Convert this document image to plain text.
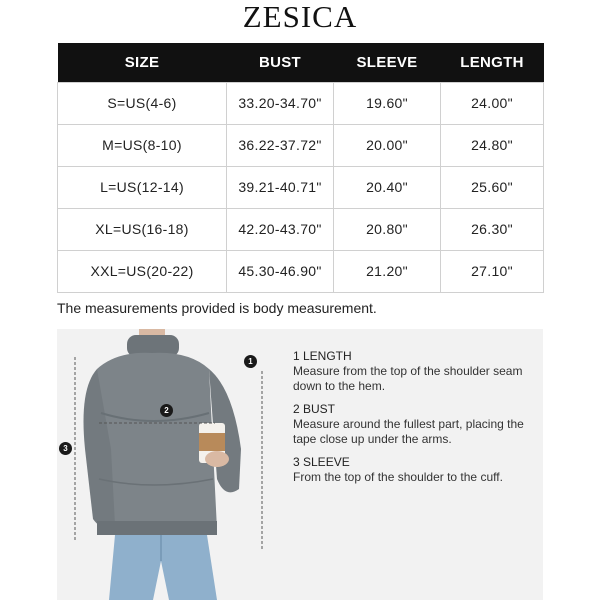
ZESICA
SIZE	BUST	SLEEVE	LENGTH
S=US(4-6)	33.20-34.70"	19.60"	24.00"
M=US(8-10)	36.22-37.72"	20.00"	24.80"
L=US(12-14)	39.21-40.71"	20.40"	25.60"
XL=US(16-18)	42.20-43.70"	20.80"	26.30"
XXL=US(20-22)	45.30-46.90"	21.20"	27.10"
The measurements provided is body measurement.
1
2
3
1 LENGTH
Measure from the top of the shoulder seam down to the hem.
2 BUST
Measure around the fullest part, placing the tape close up under the arms.
3 SLEEVE
From the top of the shoulder to the cuff.
